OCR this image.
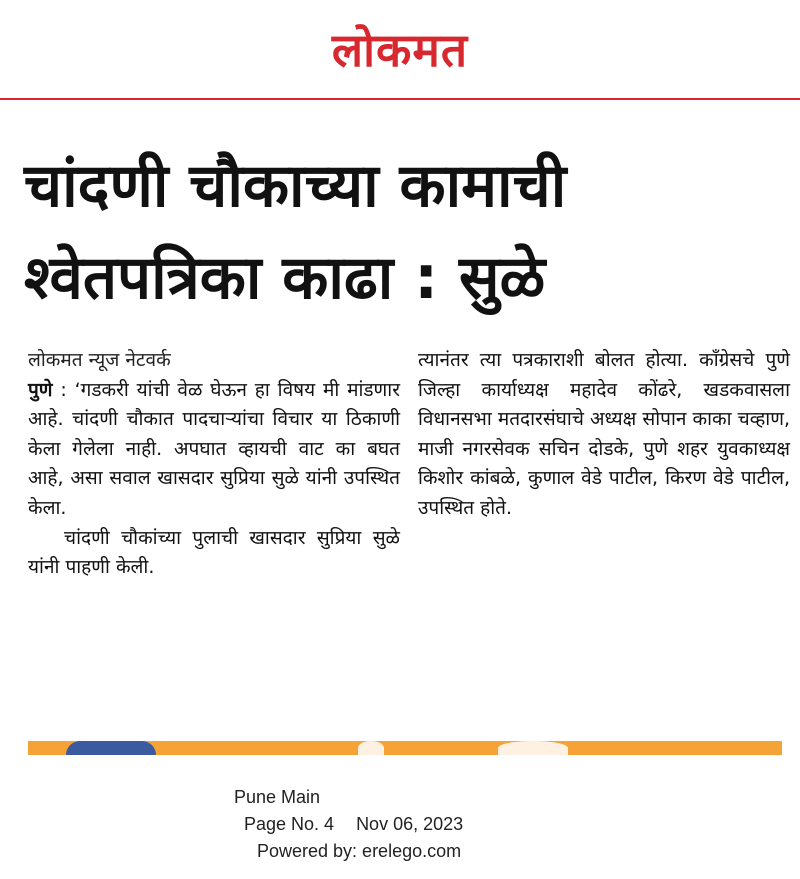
लोकमत
चांदणी चौकाच्या कामाची
श्वेतपत्रिका काढा : सुळे

लोकमत न्यूज नेटवर्क

पुणे : ‘गडकरी यांची वेळ घेऊन हा विषय मी मांडणार आहे. चांदणी चौकात पादचाऱ्यांचा विचार या ठिकाणी केला गेलेला नाही. अपघात व्हायची वाट का बघत आहे, असा सवाल खासदार सुप्रिया सुळे यांनी उपस्थित केला.

चांदणी चौकांच्या पुलाची खासदार सुप्रिया सुळे यांनी पाहणी केली.

त्यानंतर त्या पत्रकाराशी बोलत होत्या. काँग्रेसचे पुणे जिल्हा कार्याध्यक्ष महादेव कोंढरे, खडकवासला विधानसभा मतदारसंघाचे अध्यक्ष सोपान काका चव्हाण, माजी नगरसेवक सचिन दोडके, पुणे शहर युवकाध्यक्ष किशोर कांबळे, कुणाल वेडे पाटील, किरण वेडे पाटील, उपस्थित होते.

Pune Main
Page No. 4 Nov 06, 2023
Powered by: erelego.com
